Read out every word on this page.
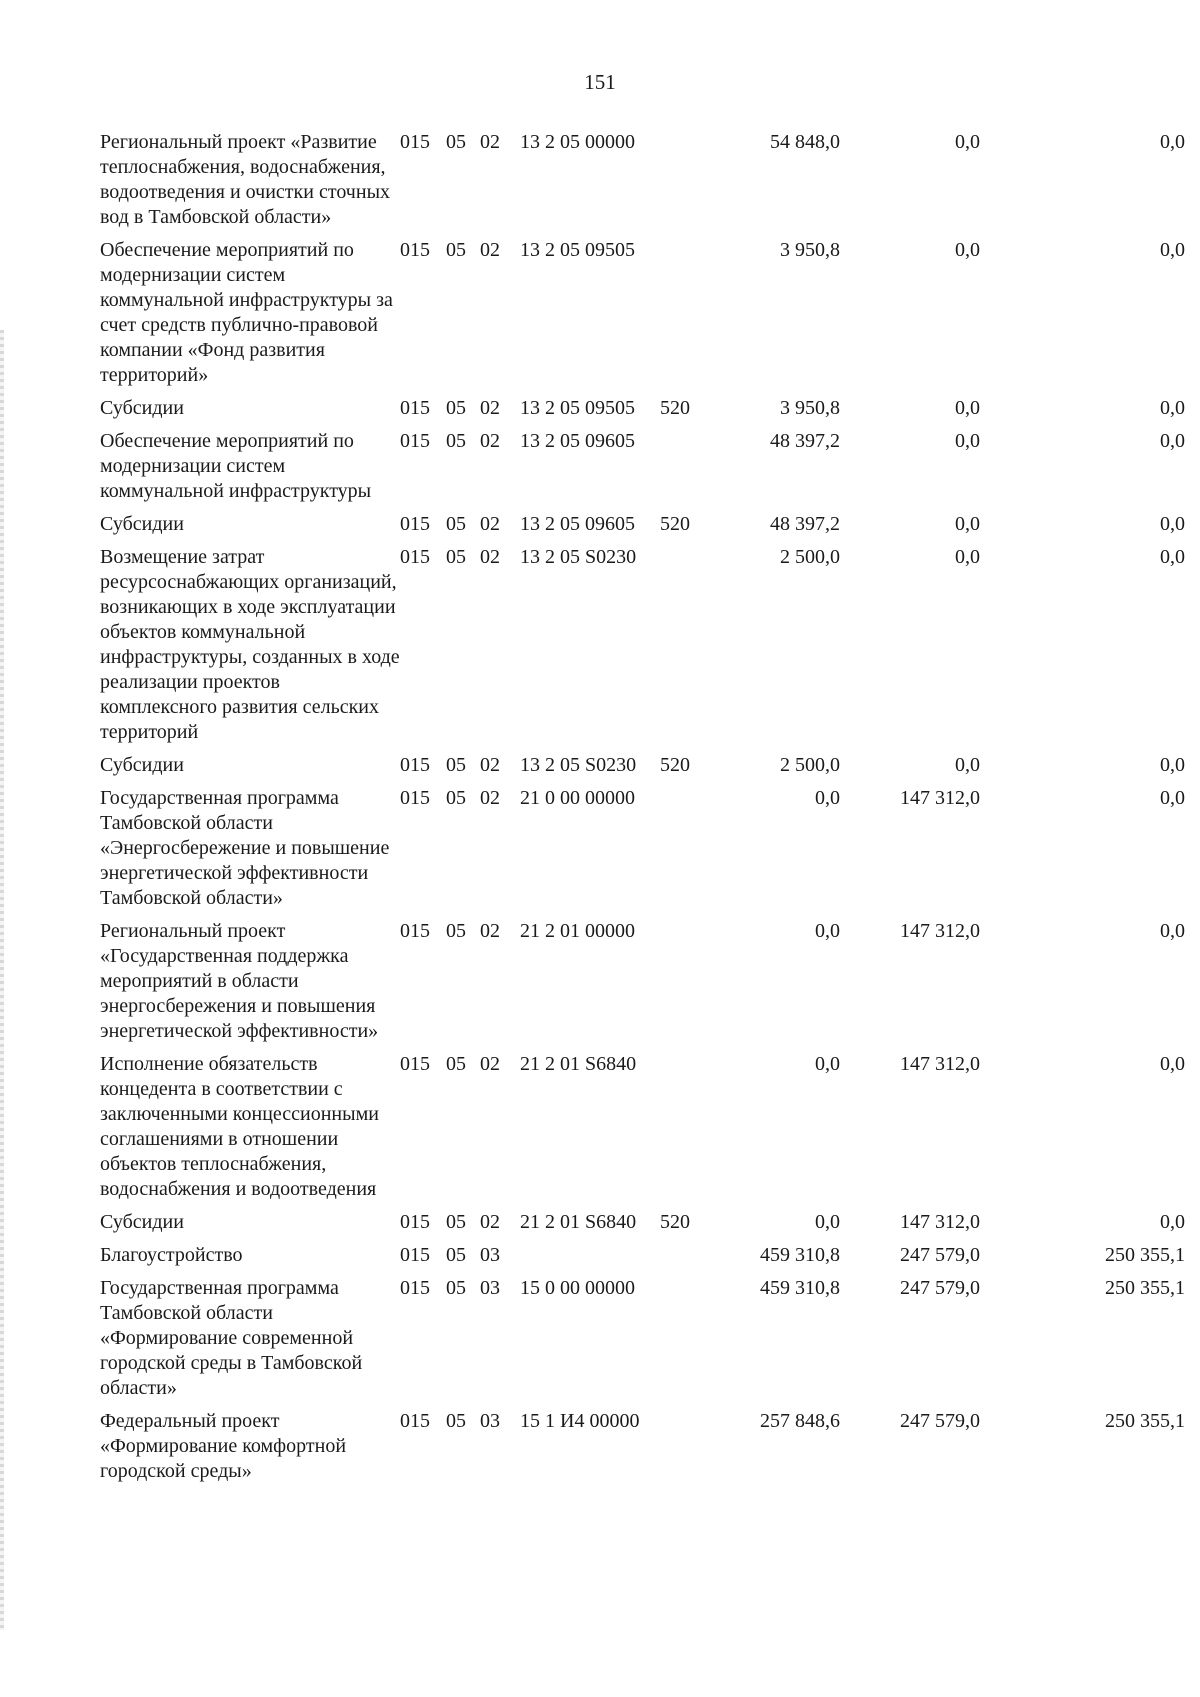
151
Региональный проект «Развитие теплоснабжения, водоснабжения, водоотведения и очистки сточных вод в Тамбовской области»	015	05	02	13 2 05 00000		54 848,0	0,0	0,0
Обеспечение мероприятий по модернизации систем коммунальной инфраструктуры за счет средств публично-правовой компании «Фонд развития территорий»	015	05	02	13 2 05 09505		3 950,8	0,0	0,0
Субсидии	015	05	02	13 2 05 09505	520	3 950,8	0,0	0,0
Обеспечение мероприятий по модернизации систем коммунальной инфраструктуры	015	05	02	13 2 05 09605		48 397,2	0,0	0,0
Субсидии	015	05	02	13 2 05 09605	520	48 397,2	0,0	0,0
Возмещение затрат ресурсоснабжающих организаций, возникающих в ходе эксплуатации объектов коммунальной инфраструктуры, созданных в ходе реализации проектов комплексного развития сельских территорий	015	05	02	13 2 05 S0230		2 500,0	0,0	0,0
Субсидии	015	05	02	13 2 05 S0230	520	2 500,0	0,0	0,0
Государственная программа Тамбовской области «Энергосбережение и повышение энергетической эффективности Тамбовской области»	015	05	02	21 0 00 00000		0,0	147 312,0	0,0
Региональный проект «Государственная поддержка мероприятий в области энергосбережения и повышения энергетической эффективности»	015	05	02	21 2 01 00000		0,0	147 312,0	0,0
Исполнение обязательств концедента в соответствии с заключенными концессионными соглашениями в отношении объектов теплоснабжения, водоснабжения и водоотведения	015	05	02	21 2 01 S6840		0,0	147 312,0	0,0
Субсидии	015	05	02	21 2 01 S6840	520	0,0	147 312,0	0,0
Благоустройство	015	05	03			459 310,8	247 579,0	250 355,1
Государственная программа Тамбовской области «Формирование современной городской среды в Тамбовской области»	015	05	03	15 0 00 00000		459 310,8	247 579,0	250 355,1
Федеральный проект «Формирование комфортной городской среды»	015	05	03	15 1 И4 00000		257 848,6	247 579,0	250 355,1
